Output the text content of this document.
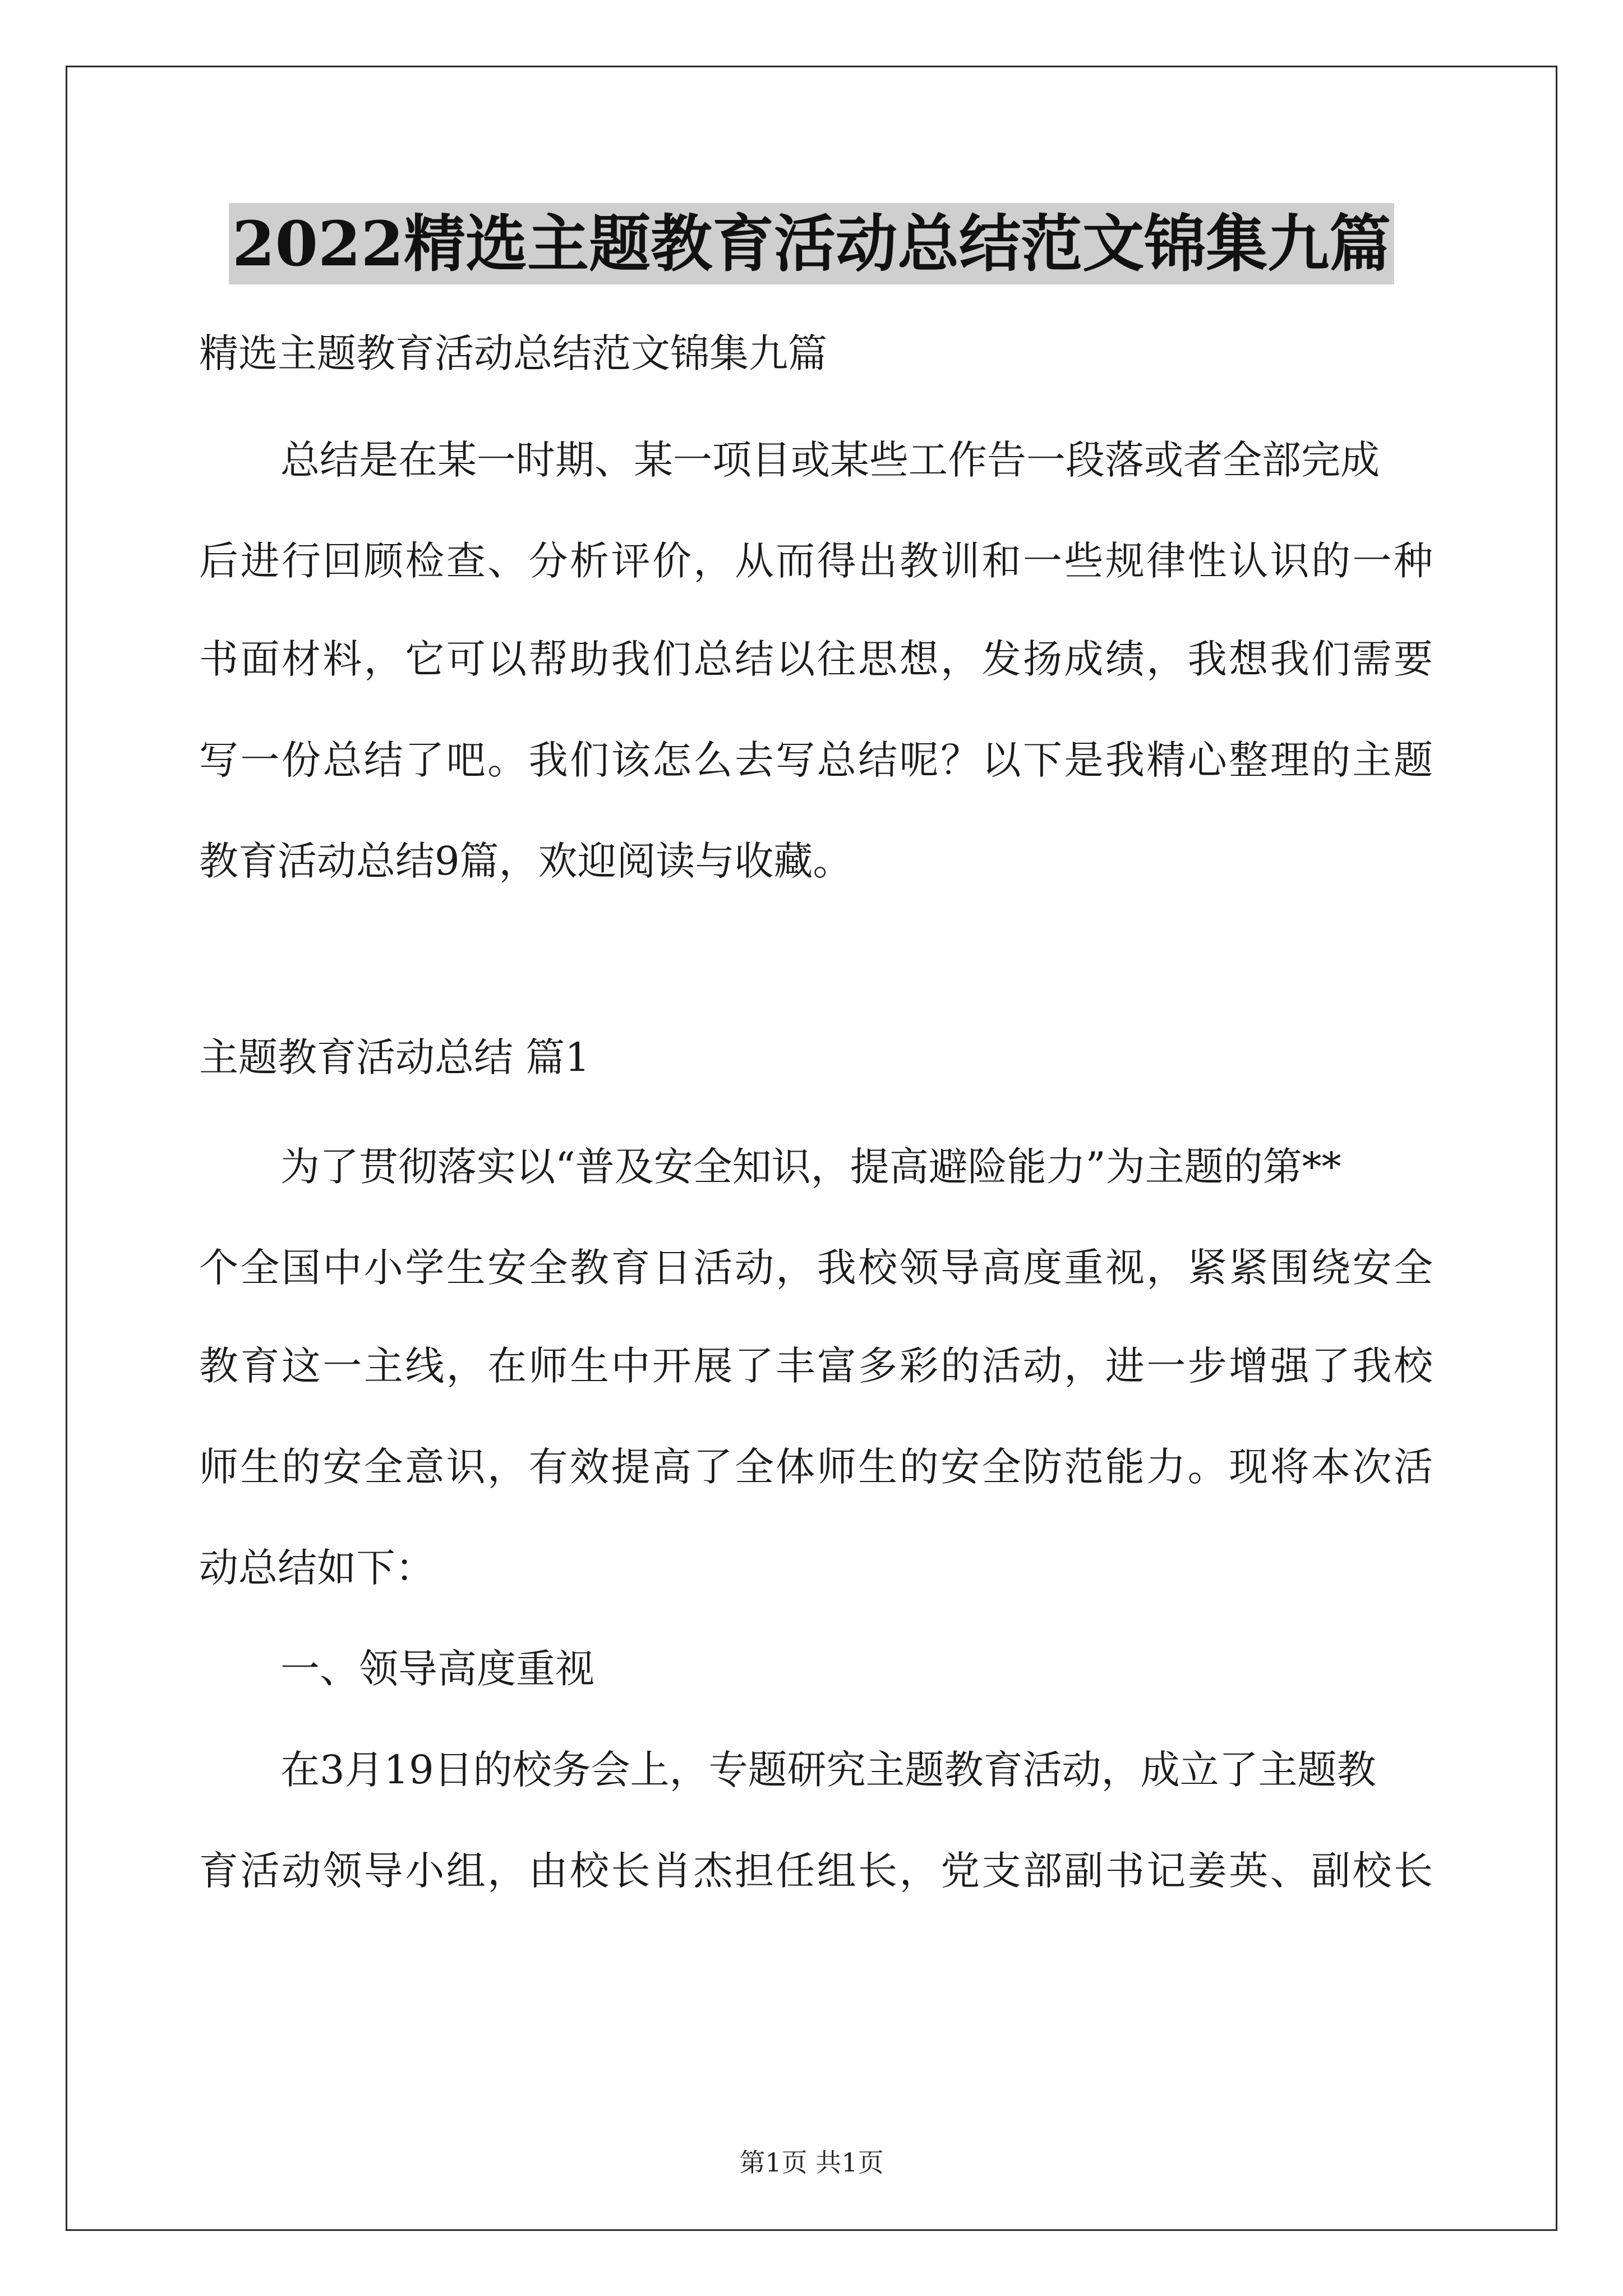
2022精选主题教育活动总结范文锦集九篇
精选主题教育活动总结范文锦集九篇
总结是在某一时期、某一项目或某些工作告一段落或者全部完成
后进行回顾检查、分析评价，从而得出教训和一些规律性认识的一种
书面材料，它可以帮助我们总结以往思想，发扬成绩，我想我们需要
写一份总结了吧。我们该怎么去写总结呢？以下是我精心整理的主题
教育活动总结9篇，欢迎阅读与收藏。
主题教育活动总结 篇1
为了贯彻落实以“普及安全知识，提高避险能力”为主题的第**
个全国中小学生安全教育日活动，我校领导高度重视，紧紧围绕安全
教育这一主线，在师生中开展了丰富多彩的活动，进一步增强了我校
师生的安全意识，有效提高了全体师生的安全防范能力。现将本次活
动总结如下：
一、领导高度重视
在3月19日的校务会上，专题研究主题教育活动，成立了主题教
育活动领导小组，由校长肖杰担任组长，党支部副书记姜英、副校长
第1页 共1页
